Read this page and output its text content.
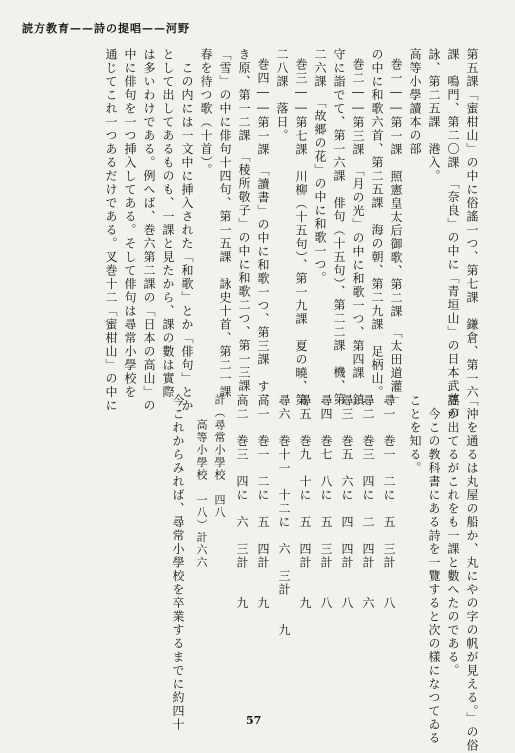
読方教育——詩の提唱——河野
第五課「蜜柑山」の中に俗謠一つ、第七課　鎌倉、第一六
課　鳴門、第二〇課　「奈良」の中に「青垣山」の日本武尊の
詠、第二五課　港入。
高等小學讀本の部
巻一――第一課　照憲皇太后御歌、第二課　「太田道灌」
の中に和歌六首、第二五課　海の朝、第二九課　足柄山。
巻二――第三課　「月の光」の中に和歌一つ、第四課　鎮
守に詣でて、第一六課　俳句（十五句）、第二二課　機、第
二六課　「故郷の花」の中に和歌一つ。
巻三――第七課　川柳（十五句）、第一九課　夏の曉、第
二八課　落日。
巻四――第一課　「讀書」の中に和歌一つ、第三課　す、
き原、第一二課　「稜所敬子」の中に和歌二つ、第一三課
「雪」の中に俳句十四句、第一五課　詠史十首、第二一課
春を待つ歌（十首）。
　この内には一文中に挿入された「和歌」とか「俳句」とか
として出してあるものも、一課と見たから、課の數は實際
は多いわけである。例へば、巻六第二課の「日本の高山」の
中に俳句を一つ挿入してある。そして俳句は尋常小學校を
通じてこれ一つあるだけである。叉巻十二「蜜柑山」の中に
「沖を通るは丸屋の船か、丸にやの字の帆が見える。」の俗
謠が出てるがこれをも一課と數へたのである。
　今この教科書にある詩を一覽すると次の樣になつてゐる
ことを知る。
尋一　巻一　二に　五　三計　　八
尋二　巻三　四に　二　四計　　六
尋三　巻五　六に　四　四計　　八
尋四　巻七　八に　五　三計　　八
尋五　巻九　十に　五　四計　　九
尋六　巻十一　十二に　六　三計　　九
高一　巻一　二に　五　四計　　九
高二　巻三　四に　六　三計　　九
計（尋常小學校　四八
　　高等小學校　一八）計六六
今これからみれば、尋常小學校を卒業するまでに約四十	57
